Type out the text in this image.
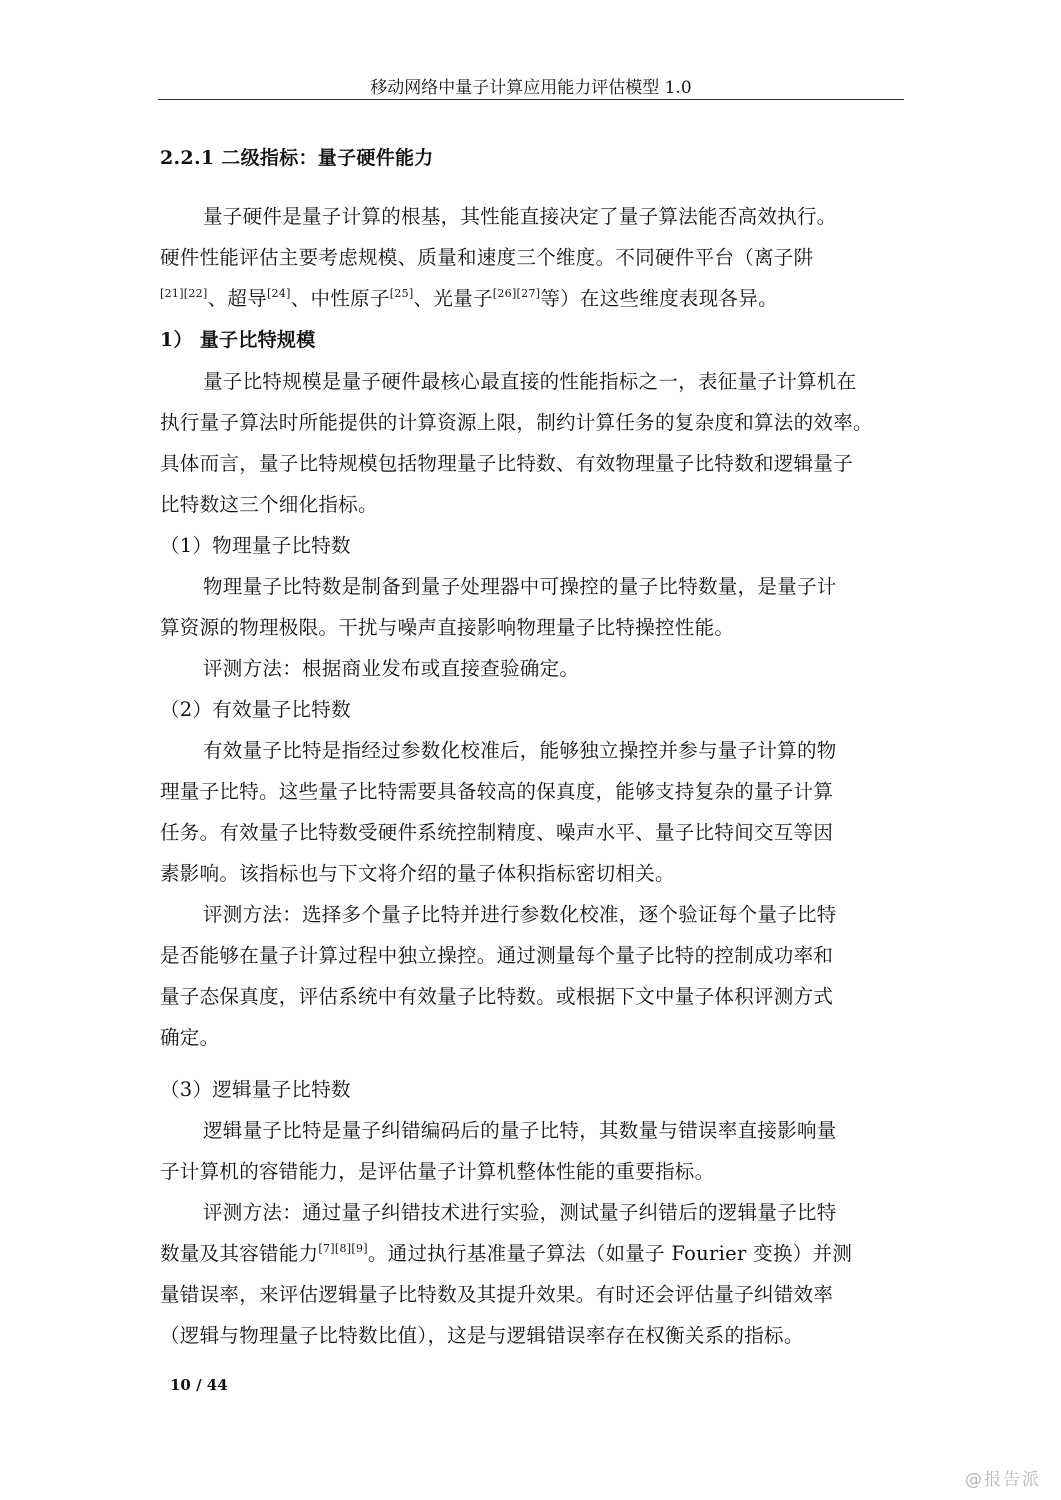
移动网络中量子计算应用能力评估模型 1.0
2.2.1 二级指标：量子硬件能力
量子硬件是量子计算的根基，其性能直接决定了量子算法能否高效执行。
硬件性能评估主要考虑规模、质量和速度三个维度。不同硬件平台（离子阱
[21][22]、超导[24]、中性原子[25]、光量子[26][27]等）在这些维度表现各异。
1） 量子比特规模
量子比特规模是量子硬件最核心最直接的性能指标之一，表征量子计算机在
执行量子算法时所能提供的计算资源上限，制约计算任务的复杂度和算法的效率。
具体而言，量子比特规模包括物理量子比特数、有效物理量子比特数和逻辑量子
比特数这三个细化指标。
（1）物理量子比特数
物理量子比特数是制备到量子处理器中可操控的量子比特数量，是量子计
算资源的物理极限。干扰与噪声直接影响物理量子比特操控性能。
评测方法：根据商业发布或直接查验确定。
（2）有效量子比特数
有效量子比特是指经过参数化校准后，能够独立操控并参与量子计算的物
理量子比特。这些量子比特需要具备较高的保真度，能够支持复杂的量子计算
任务。有效量子比特数受硬件系统控制精度、噪声水平、量子比特间交互等因
素影响。该指标也与下文将介绍的量子体积指标密切相关。
评测方法：选择多个量子比特并进行参数化校准，逐个验证每个量子比特
是否能够在量子计算过程中独立操控。通过测量每个量子比特的控制成功率和
量子态保真度，评估系统中有效量子比特数。或根据下文中量子体积评测方式
确定。
（3）逻辑量子比特数
逻辑量子比特是量子纠错编码后的量子比特，其数量与错误率直接影响量
子计算机的容错能力，是评估量子计算机整体性能的重要指标。
评测方法：通过量子纠错技术进行实验，测试量子纠错后的逻辑量子比特
数量及其容错能力[7][8][9]。通过执行基准量子算法（如量子 Fourier 变换）并测
量错误率，来评估逻辑量子比特数及其提升效果。有时还会评估量子纠错效率
（逻辑与物理量子比特数比值），这是与逻辑错误率存在权衡关系的指标。
10 / 44
@报告派
